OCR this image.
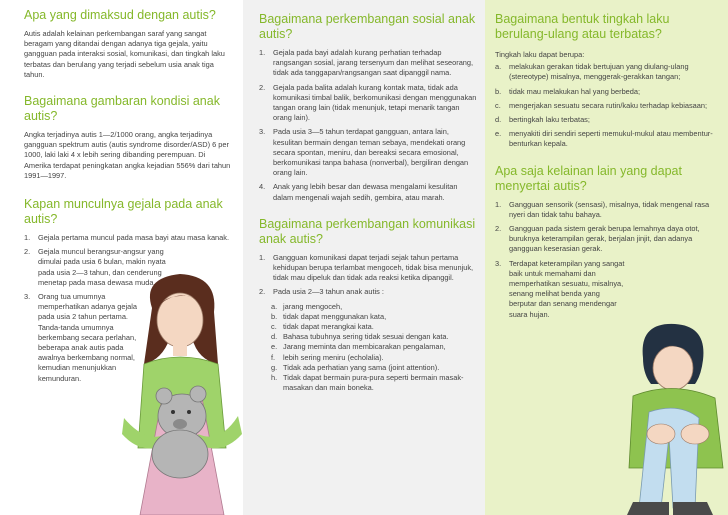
Apa yang dimaksud dengan autis?

Autis adalah kelainan perkembangan saraf yang sangat beragam yang ditandai dengan adanya tiga gejala, yaitu gangguan pada interaksi sosial, komunikasi, dan tingkah laku terbatas dan berulang yang terjadi sebelum usia anak tiga tahun.

Bagaimana gambaran kondisi anak autis?

Angka terjadinya autis 1—2/1000 orang, angka terjadinya gangguan spektrum autis (autis syndrome disorder/ASD) 6 per 1000, laki laki 4 x lebih sering dibanding perempuan. Di Amerika terdapat peningkatan angka kejadian 556% dari tahun 1991—1997.

Kapan munculnya gejala pada anak autis?
1. Gejala pertama muncul pada masa bayi atau masa kanak.
2. Gejala muncul berangsur-angsur yang dimulai pada usia 6 bulan, makin nyata pada usia 2—3 tahun, dan cenderung menetap pada masa dewasa muda.
3. Orang tua umumnya memperhatikan adanya gejala pada usia 2 tahun pertama. Tanda-tanda umumnya berkembang secara perlahan, beberapa anak autis pada awalnya berkembang normal, kemudian menunjukkan kemunduran.
Bagaimana perkembangan sosial anak autis?
1. Gejala pada bayi adalah kurang perhatian terhadap rangsangan sosial, jarang tersenyum dan melihat seseorang, tidak ada tanggapan/rangsangan saat dipanggil nama.
2. Gejala pada balita adalah kurang kontak mata, tidak ada komunikasi timbal balik, berkomunikasi dengan menggunakan tangan orang lain (tidak menunjuk, tetapi menarik tangan orang lain).
3. Pada usia 3—5 tahun terdapat gangguan, antara lain, kesulitan bermain dengan teman sebaya, mendekati orang secara spontan, meniru, dan bereaksi secara emosional, berkomunikasi tanpa bahasa (nonverbal), bergiliran dengan orang lain.
4. Anak yang lebih besar dan dewasa mengalami kesulitan dalam mengenali wajah sedih, gembira, atau marah.
Bagaimana perkembangan komunikasi anak autis?
1. Gangguan komunikasi dapat terjadi sejak tahun pertama kehidupan berupa terlambat mengoceh, tidak bisa menunjuk, tidak mau dipeluk dan tidak ada reaksi ketika dipanggil.
2. Pada usia 2—3 tahun anak autis :
a. jarang mengoceh,
b. tidak dapat menggunakan kata,
c. tidak dapat merangkai kata.
d. Bahasa tubuhnya sering tidak sesuai dengan kata.
e. Jarang meminta dan membicarakan pengalaman,
f. lebih sering meniru (echolalia).
g. Tidak ada perhatian yang sama (joint attention).
h. Tidak dapat bermain pura-pura seperti bermain masak-masakan dan main boneka.
Bagaimana bentuk tingkah laku berulang-ulang atau terbatas?

Tingkah laku dapat berupa:

a. melakukan gerakan tidak bertujuan yang diulang-ulang (stereotype) misalnya, menggerak-gerakkan tangan;
b. tidak mau melakukan hal yang berbeda;
c. mengerjakan sesuatu secara rutin/kaku terhadap kebiasaan;
d. bertingkah laku terbatas;
e. menyakiti diri sendiri seperti memukul-mukul atau membentur-benturkan kepala.
Apa saja kelainan lain yang dapat menyertai autis?
1. Gangguan sensorik (sensasi), misalnya, tidak mengenal rasa nyeri dan tidak tahu bahaya.
2. Gangguan pada sistem gerak berupa lemahnya daya otot, buruknya keterampilan gerak, berjalan jinjit, dan adanya gangguan keserasian gerak.
3. Terdapat keterampilan yang sangat baik untuk memahami dan memperhatikan sesuatu, misalnya, senang melihat benda yang berputar dan senang mendengar suara hujan.
